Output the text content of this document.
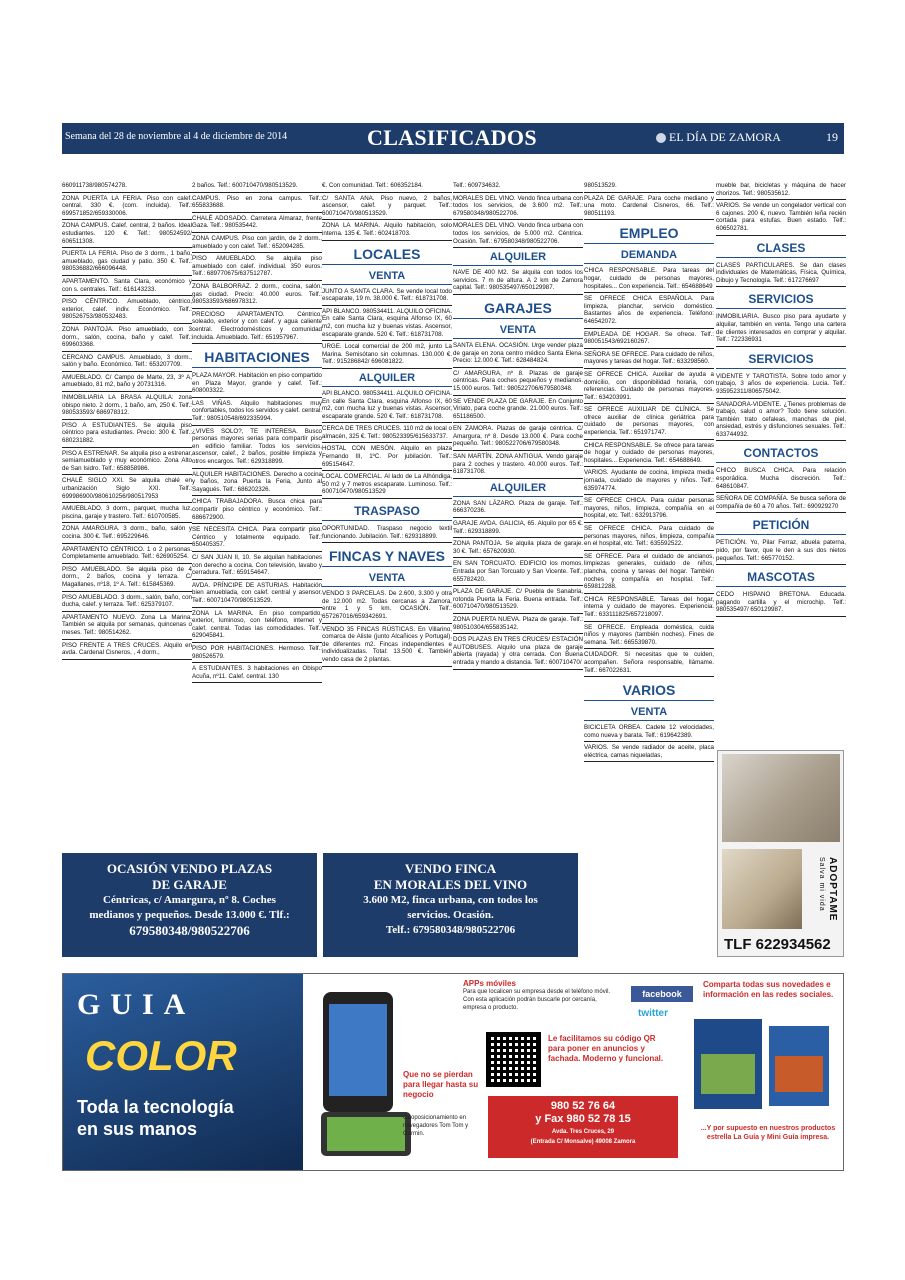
Semana del 28 de noviembre al 4 de diciembre de 2014	CLASIFICADOS	EL DÍA DE ZAMORA	19
660911738/980574278.
ZONA PUERTA LA FERIA. Piso con calef. central. 330 €. (com. incluida). Telf.: 699571852/659330006.
ZONA CAMPUS. Calef. central, 2 baños. Ideal estudiantes. 120 €. Telf.: 980524592/ 606511308.
PUERTA LA FERIA. Piso de 3 dorm., 1 baño, amueblado, gas ciudad y patio. 350 €. Telf.: 980536882/666096448.
APARTAMENTO. Santa Clara, económico y con s. centrales. Telf.: 616143233.
PISO CÉNTRICO. Amueblado, céntrico, exterior, calef. indiv. Económico. Telf.: 980526753/980532483.
ZONA PANTOJA. Piso amueblado, con 3 dorm., salón, cocina, baño y calef. Telf.: 699603368.
CERCANO CAMPUS. Amueblado, 3 dorm., salón y baño. Económico. Telf.: 653207709.
AMUEBLADO. C/ Campo de Marte, 23, 3º A, amueblado, 81 m2, baño y 20731316.
INMOBILIARIA LA BRASA ALQUILA: zona obispo nieto. 2 dorm., 1 baño, am, 250 €. Telf.: 980533593/ 686978312.
PISO A ESTUDIANTES. Se alquila piso céntrico para estudiantes. Precio: 300 €. Telf.: 680231882.
PISO A ESTRENAR. Se alquila piso a estrenar, semiamueblado y muy económico. Zona Alto de San Isidro. Telf.: 658858986.
CHALÉ SIGLO XXI. Se alquila chalé en urbanización Siglo XXI. Telf.: 699986900/980610256/980517953
AMUEBLADO. 3 dorm., parquet, mucha luz, piscina, garaje y trastero. Telf.: 610700585.
ZONA AMARGURA. 3 dorm., baño, salón y cocina. 300 €. Telf.: 695229646.
APARTAMENTO CÉNTRICO. 1 o 2 personas. Completamente amueblado. Telf.: 626905254.
PISO AMUEBLADO. Se alquila piso de 4 dorm., 2 baños, cocina y terraza. C/ Magallanes, nº18, 1º A. Telf.: 615845369.
PISO AMUEBLADO. 3 dorm., salón, baño, con ducha, calef. y terraza. Telf.: 625379107.
APARTAMENTO NUEVO. Zona La Marina. También se alquila por semanas, quincenas o meses. Telf.: 980514262.
PISO FRENTE A TRES CRUCES. Alquilo en avda. Cardenal Cisneros, , 4 dorm.,
2 baños. Telf.: 600710470/980513529.
CAMPUS. Piso en zona campus. Telf.: 655833688.
CHALÉ ADOSADO. Carretera Almaraz, frente Gaza. Telf.: 980535442.
ZONA CAMPUS. Piso con jardín, de 2 dorm., amueblado y con calef. Telf.: 652094285.
PISO AMUEBLADO. Se alquila piso amueblado con calef. individual. 350 euros. Telf.: 689770675/637512787.
ZONA BALBORRAZ. 2 dorm., cocina, salón, gas ciudad. Precio: 40.000 euros. Telf.: 980533593/686978312.
PRECIOSO APARTAMENTO. Céntrico, soleado, exterior y con calef. y agua caliente central. Electrodomésticos y comunidad incluida. Amueblado. Telf.: 651957967.
HABITACIONES
PLAZA MAYOR. Habitación en piso compartido en Plaza Mayor, grande y calef. Telf.: 608003322.
LAS VIÑAS. Alquilo habitaciones muy confortables, todos los servidos y calef. central. Telf.: 980510548/692335994.
¿VIVES SOLO?, TE INTERESA. Busco personas mayores serias para compartir piso en edificio familiar. Todos los servicios, ascensor, calef., 2 baños, posible limpieza y otros encargos. Telf.: 629318899.
ALQUILER HABITACIONES. Derecho a cocina y baños, zona Puerta la Feria, Junto al Sayagués. Telf.: 686202326.
CHICA TRABAJADORA. Busca chica para compartir piso céntrico y económico. Telf.: 686672900.
SE NECESITA CHICA. Para compartir piso. Céntrico y totalmente equipado. Telf.: 650405357.
C/ SAN JUAN II, 10. Se alquilan habitaciones con derecho a cocina. Con televisión, lavabo y cerradura. Telf.: 659154647.
AVDA. PRÍNCIPE DE ASTURIAS. Habitación bien amueblada, con calef. central y asensor. Telf.: 600710470/980513529.
ZONA LA MARINA. En piso compartido, exterior, luminoso, con teléfono, internet y calef. central. Todas las comodidades. Telf.: 629045841.
PISO POR HABITACIONES. Hermoso. Telf.: 980526579.
A ESTUDIANTES. 3 habitaciones en Obispo Acuña, nº11. Calef. central. 130
€. Con comunidad. Telf.: 606352184.
C/ SANTA ANA. Piso nuevo, 2 baños, ascensor, calef. y parquet. Telf.: 600710470/980513529.
ZONA LA MARINA. Alquilo habitación, solo interna. 135 €. Telf.: 602418703.
LOCALES
VENTA
JUNTO A SANTA CLARA. Se vende local todo escaparate, 19 m. 38.000 €. Telf.: 618731708.
API BLANCO. 980534411. ALQUILO OFICINA. En calle Santa Clara, esquina Alfonso IX, 60 m2, con mucha luz y buenas vistas. Ascensor, escaparate grande. 520 €. Telf.: 618731708.
URGE. Local comercial de 200 m2, junto La Marina. Semisótano sin columnas. 130.000 €. Telf.: 915286842/ 696081822.
ALQUILER
API BLANCO. 980534411. ALQUILO OFICINA. En calle Santa Clara, esquina Alfonso IX, 60 m2, con mucha luz y buenas vistas. Ascensor, escaparate grande. 520 €. Telf.: 618731708.
CERCA DE TRES CRUCES. 110 m2 de local o almacén, 325 €. Telf.: 980523395/615633737.
HOSTAL CON MESÓN. Alquilo en plaza Fernando III, 1ºC. Por jubilación. Telf.: 695154647.
LOCAL COMERCIAL. Al lado de La Alhóndiga, 50 m2 y 7 metros escaparate. Luminoso. Telf.: 600710470/980513529
TRASPASO
OPORTUNIDAD. Traspaso negocio textil funcionando. Jubilación. Telf.: 629318899.
FINCAS Y NAVES
VENTA
VENDO 3 PARCELAS. De 2.600, 3.300 y otra de 12.000 m2. Todas cercanas a Zamora, entre 1 y 5 km. OCASIÓN. Telf.: 657267016/659342691.
VENDO 35 FINCAS RÚSTICAS. En Villarino, comarca de Aliste (junto Alcañices y Portugal), de diferentes m2. Fincas independientes e individualizadas. Total: 13.500 €. También vendo casa de 2 plantas.
Telf.: 609734632.
MORALES DEL VINO. Vendo finca urbana con todos los servicios, de 3.600 m2. Telf.: 679580348/980522706.
MORALES DEL VINO. Vendo finca urbana con todos los servicios, de 5.000 m2. Céntrica. Ocasión. Telf.: 679580348/980522706.
ALQUILER
NAVE DE 400 M2. Se alquila con todos los servicios. 7 m de altura. A 2 km de Zamora capital. Telf.: 980535497/650129987.
GARAJES
VENTA
SANTA ELENA. OCASIÓN. Urge vender plaza de garaje en zona centro médico Santa Elena. Precio: 12.000 €. Telf.: 628484824.
C/ AMARGURA, nº 8. Plazas de garaje céntricas. Para coches pequeños y medianos. 15.000 euros. Telf.: 980522706/679580348.
SE VENDE PLAZA DE GARAJE. En Conjunto Viriato, para coche grande. 21.000 euros. Telf.: 651186500.
EN ZAMORA. Plazas de garaje céntrica. C/ Amargura, nº 8. Desde 13.000 €. Para coche pequeño. Telf.: 980522706/679580348.
SAN MARTÍN. ZONA ANTIGUA. Vendo garaje para 2 coches y trastero. 40.000 euros. Telf.: 618731708.
ALQUILER
ZONA SAN LÁZARO. Plaza de garaje. Telf.: 666370236.
GARAJE AVDA. GALICIA, 65. Alquilo por 65 €. Telf.: 629318899.
ZONA PANTOJA. Se alquila plaza de garaje. 30 €. Telf.: 657620930.
EN SAN TORCUATO. EDIFICIO los momos. Entrada por San Torcuato y San Vicente. Telf.: 655782420.
PLAZA DE GARAJE. C/ Puebla de Sanabria, rotonda Puerta la Feria. Buena entrada. Telf.: 600710470/980513529.
ZONA PUERTA NUEVA. Plaza de garaje. Telf.: 980510304/655835142.
DOS PLAZAS EN TRES CRUCES/ ESTACIÓN AUTOBUSES. Alquilo una plaza de garaje abierta (rayada) y otra cerrada. Con Buena entrada y mando a distancia. Telf.: 600710470/
980513529.
PLAZA DE GARAJE. Para coche mediano y una moto. Cardenal Cisneros, 66. Telf.: 980511193.
EMPLEO
DEMANDA
CHICA RESPONSABLE. Para tareas del hogar, cuidado de personas mayores, hospitales... Con experiencia. Telf.: 654688649
SE OFRECE CHICA ESPAÑOLA. Para limpieza, planchar, servicio doméstico. Bastantes años de experiencia. Teléfono: 646542072.
EMPLEADA DE HOGAR. Se ofrece. Telf.: 980051543/692160267.
SEÑORA SE OFRECE. Para cuidado de niños, mayores y tareas del hogar. Telf.: 633298560.
SE OFRECE CHICA. Auxiliar de ayuda a domicilio, con disponibilidad horaria, con referencias. Cuidado de personas mayores. Telf.: 634203991.
SE OFRECE AUXILIAR DE CLÍNICA. Se ofrece auxiliar de clínica geriátrica para cuidado de personas mayores, con experiencia. Telf.: 651971747.
CHICA RESPONSABLE. Se ofrece para tareas de hogar y cuidado de personas mayores, hospitales... Experiencia. Telf.: 654688649.
VARIOS. Ayudante de cocina, limpieza media jornada, cuidado de mayores y niños. Telf.: 635974774.
SE OFRECE CHICA. Para cuidar personas mayores, niños, limpieza, compañía en el hospital, etc. Telf.: 632913796.
SE OFRECE CHICA. Para cuidado de personas mayores, niños, limpieza, compañía en el hospital, etc. Telf.: 635592522.
SE OFRECE. Para el cuidado de ancianos, limpiezas generales, cuidado de niños, plancha, cocina y tareas del hogar. También noches y compañía en hospital. Telf.: 659812288.
CHICA RESPONSABLE. Tareas del hogar, interna y cuidado de mayores. Experiencia. Telf.: 633111825/657218097.
SE OFRECE. Empleada doméstica, cuida niños y mayores (también noches). Fines de semana. Telf.: 665539870.
CUIDADOR. Si necesitas que te cuiden, acompañen. Señora responsable, llámame. Telf.: 667022631.
VARIOS
VENTA
BICICLETA ORBEA. Cadete 12 velocidades, como nueva y barata. Telf.: 619642389.
VARIOS. Se vende radiador de aceite, placa eléctrica, camas niqueladas,
mueble bar, bicicletas y máquina de hacer chorizos. Telf.: 980535612.
VARIOS. Se vende un congelador vertical con 6 cajones. 200 €, nuevo. También leña recién cortada para estufas. Buen estado. Telf.: 606502781.
CLASES
CLASES PARTICULARES. Se dan clases individuales de Matemáticas, Física, Química, Dibujo y Tecnología. Telf.: 617276697
SERVICIOS
INMOBILIARIA. Busco piso para ayudarte y alquilar, también en venta. Tengo una cartera de clientes interesados en comprar y alquilar. Telf.: 722336931
SERVICIOS
VIDENTE Y TAROTISTA. Sobre todo amor y trabajo, 3 años de experiencia. Lucia. Telf.: 935952311/806575042.
SANADORA-VIDENTE. ¿Tienes problemas de trabajo, salud o amor? Todo tiene solución. También trato cefaleas, manchas de piel, ansiedad, estrés y disfunciones sexuales. Telf.: 633744932.
CONTACTOS
CHICO BUSCA CHICA. Para relación esporádica. Mucha discreción. Telf.: 648610847.
SEÑORA DE COMPAÑÍA. Se busca señora de compañía de 60 a 70 años. Telf.: 690929270
PETICIÓN
PETICIÓN. Yo, Pilar Ferraz, abuela paterna, pido, por favor, que le den a sus dos nietos pequeños. Telf.: 665770152.
MASCOTAS
CEDO HISPANO BRETONA. Educada. pagando cartilla y el microchip. Telf.: 980535497/ 650129987.
OCASIÓN VENDO PLAZAS
DE GARAJE
Céntricas, c/ Amargura, nº 8. Coches
medianos y pequeños. Desde 13.000 €. Tlf.:
679580348/980522706
VENDO FINCA
EN MORALES DEL VINO
3.600 M2, finca urbana, con todos los
servicios. Ocasión.
Telf.: 679580348/980522706
ADOPTAME Salva mi vida
TLF 622934562
GUIA
COLOR
Toda la tecnología
en sus manos
APPs móviles
Para que localicen su empresa desde el teléfono móvil. Con esta aplicación podrán buscarle por cercanía, empresa o producto.
facebook
twitter
Comparta todas sus novedades e información en las redes sociales.
Le facilitamos su código QR para poner en anuncios y fachada. Moderno y funcional.
Que no se pierdan para llegar hasta su negocio
Geoposicionamiento en navegadores Tom Tom y Garmin.
980 52 76 64
y Fax 980 52 78 15
Avda. Tres Cruces, 29
(Entrada C/ Monsalve) 49008 Zamora
...Y por supuesto en nuestros productos estrella La Guía y Mini Guía impresa.
